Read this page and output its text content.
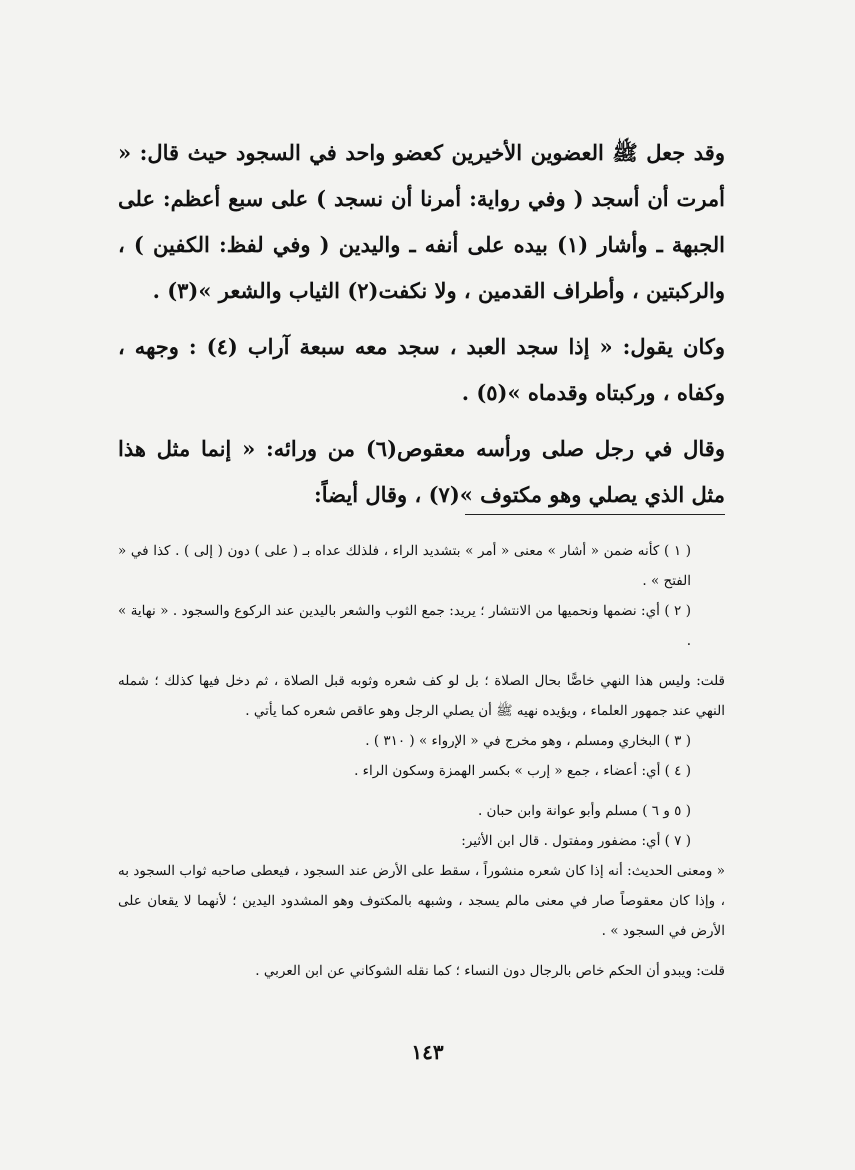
وقد جعل ﷺ العضوين الأخيرين كعضو واحد في السجود حيث قال: « أمرت أن أسجد ( وفي رواية: أمرنا أن نسجد ) على سبع أعظم: على الجبهة ـ وأشار (١) بيده على أنفه ـ واليدين ( وفي لفظ: الكفين ) ، والركبتين ، وأطراف القدمين ، ولا نكفت(٢) الثياب والشعر »(٣) .

وكان يقول: « إذا سجد العبد ، سجد معه سبعة آراب (٤) : وجهه ، وكفاه ، وركبتاه وقدماه »(٥) .

وقال في رجل صلى ورأسه معقوص(٦) من ورائه: « إنما مثل هذا مثل الذي يصلي وهو مكتوف »(٧) ، وقال أيضاً:

( ١ ) كأنه ضمن « أشار » معنى « أمر » بتشديد الراء ، فلذلك عداه بـ ( على ) دون ( إلى ) . كذا في « الفتح » .

( ٢ ) أي: نضمها ونحميها من الانتشار ؛ يريد: جمع الثوب والشعر باليدين عند الركوع والسجود . « نهاية » .

قلت: وليس هذا النهي خاصًّا بحال الصلاة ؛ بل لو كف شعره وثوبه قبل الصلاة ، ثم دخل فيها كذلك ؛ شمله النهي عند جمهور العلماء ، ويؤيده نهيه ﷺ أن يصلي الرجل وهو عاقص شعره كما يأتي .

( ٣ ) البخاري ومسلم ، وهو مخرج في « الإرواء » ( ٣١٠ ) .

( ٤ ) أي: أعضاء ، جمع « إرب » بكسر الهمزة وسكون الراء .

( ٥ و ٦ ) مسلم وأبو عوانة وابن حبان .

( ٧ ) أي: مضفور ومفتول . قال ابن الأثير:

« ومعنى الحديث: أنه إذا كان شعره منشوراً ، سقط على الأرض عند السجود ، فيعطى صاحبه ثواب السجود به ، وإذا كان معقوصاً صار في معنى مالم يسجد ، وشبهه بالمكتوف وهو المشدود اليدين ؛ لأنهما لا يقعان على الأرض في السجود » .

قلت: ويبدو أن الحكم خاص بالرجال دون النساء ؛ كما نقله الشوكاني عن ابن العربي .

١٤٣
